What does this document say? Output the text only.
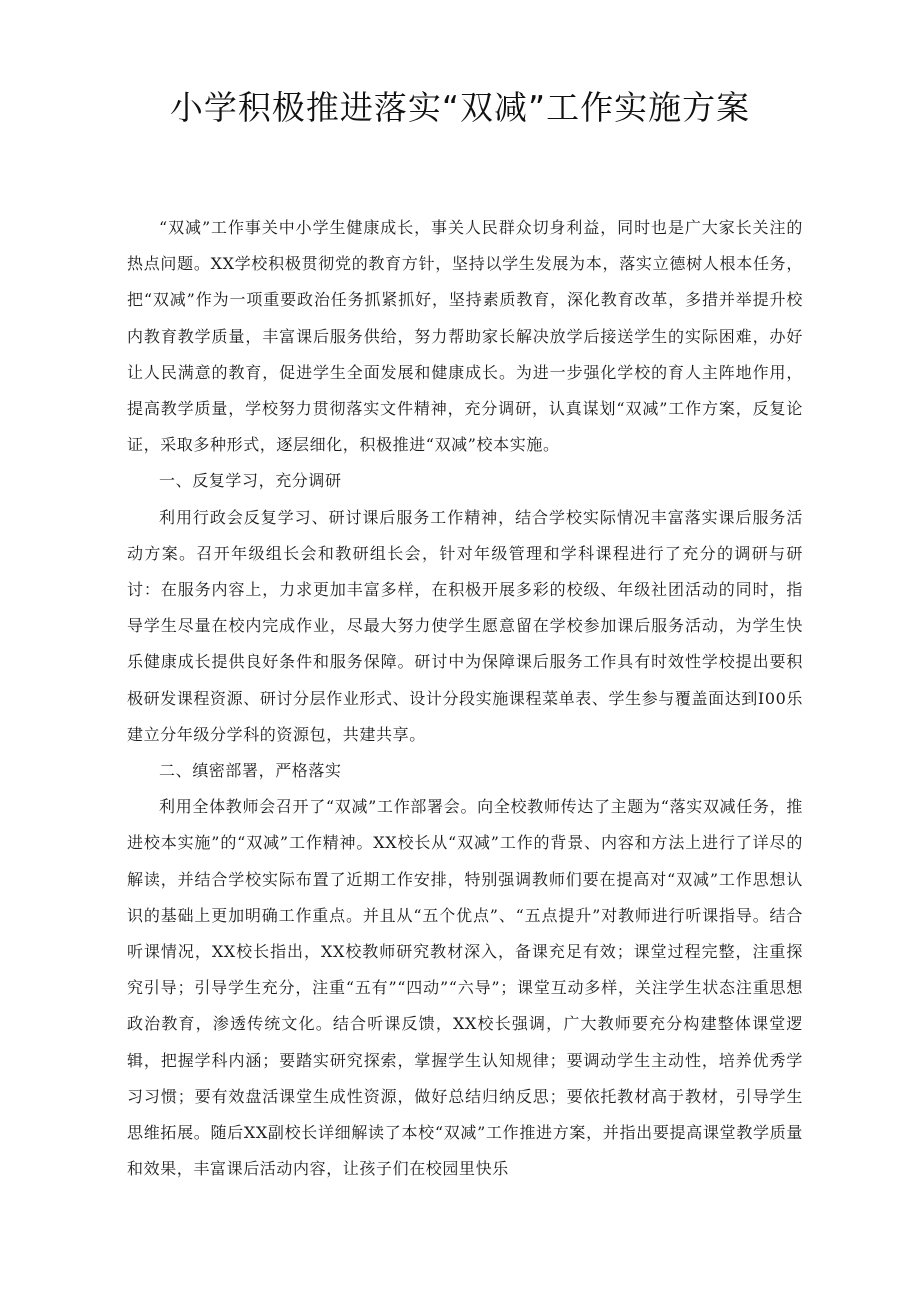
小学积极推进落实“双减”工作实施方案

“双减”工作事关中小学生健康成长，事关人民群众切身利益，同时也是广大家长关注的热点问题。XX学校积极贯彻党的教育方针，坚持以学生发展为本，落实立德树人根本任务，把“双减”作为一项重要政治任务抓紧抓好，坚持素质教育，深化教育改革，多措并举提升校内教育教学质量，丰富课后服务供给，努力帮助家长解决放学后接送学生的实际困难，办好让人民满意的教育，促进学生全面发展和健康成长。为进一步强化学校的育人主阵地作用，提高教学质量，学校努力贯彻落实文件精神，充分调研，认真谋划“双减”工作方案，反复论证，采取多种形式，逐层细化，积极推进“双减”校本实施。

一、反复学习，充分调研

利用行政会反复学习、研讨课后服务工作精神，结合学校实际情况丰富落实课后服务活动方案。召开年级组长会和教研组长会，针对年级管理和学科课程进行了充分的调研与研讨：在服务内容上，力求更加丰富多样，在积极开展多彩的校级、年级社团活动的同时，指导学生尽量在校内完成作业，尽最大努力使学生愿意留在学校参加课后服务活动，为学生快乐健康成长提供良好条件和服务保障。研讨中为保障课后服务工作具有时效性学校提出要积极研发课程资源、研讨分层作业形式、设计分段实施课程菜单表、学生参与覆盖面达到I00乐建立分年级分学科的资源包，共建共享。

二、缜密部署，严格落实

利用全体教师会召开了“双减”工作部署会。向全校教师传达了主题为“落实双减任务，推进校本实施”的“双减”工作精神。XX校长从“双减”工作的背景、内容和方法上进行了详尽的解读，并结合学校实际布置了近期工作安排，特别强调教师们要在提高对“双减”工作思想认识的基础上更加明确工作重点。并且从“五个优点”、“五点提升”对教师进行听课指导。结合听课情况，XX校长指出，XX校教师研究教材深入，备课充足有效；课堂过程完整，注重探究引导；引导学生充分，注重“五有”“四动”“六导”；课堂互动多样，关注学生状态注重思想政治教育，渗透传统文化。结合听课反馈，XX校长强调，广大教师要充分构建整体课堂逻辑，把握学科内涵；要踏实研究探索，掌握学生认知规律；要调动学生主动性，培养优秀学习习惯；要有效盘活课堂生成性资源，做好总结归纳反思；要依托教材高于教材，引导学生思维拓展。随后XX副校长详细解读了本校“双减”工作推进方案，并指出要提高课堂教学质量和效果，丰富课后活动内容，让孩子们在校园里快乐
